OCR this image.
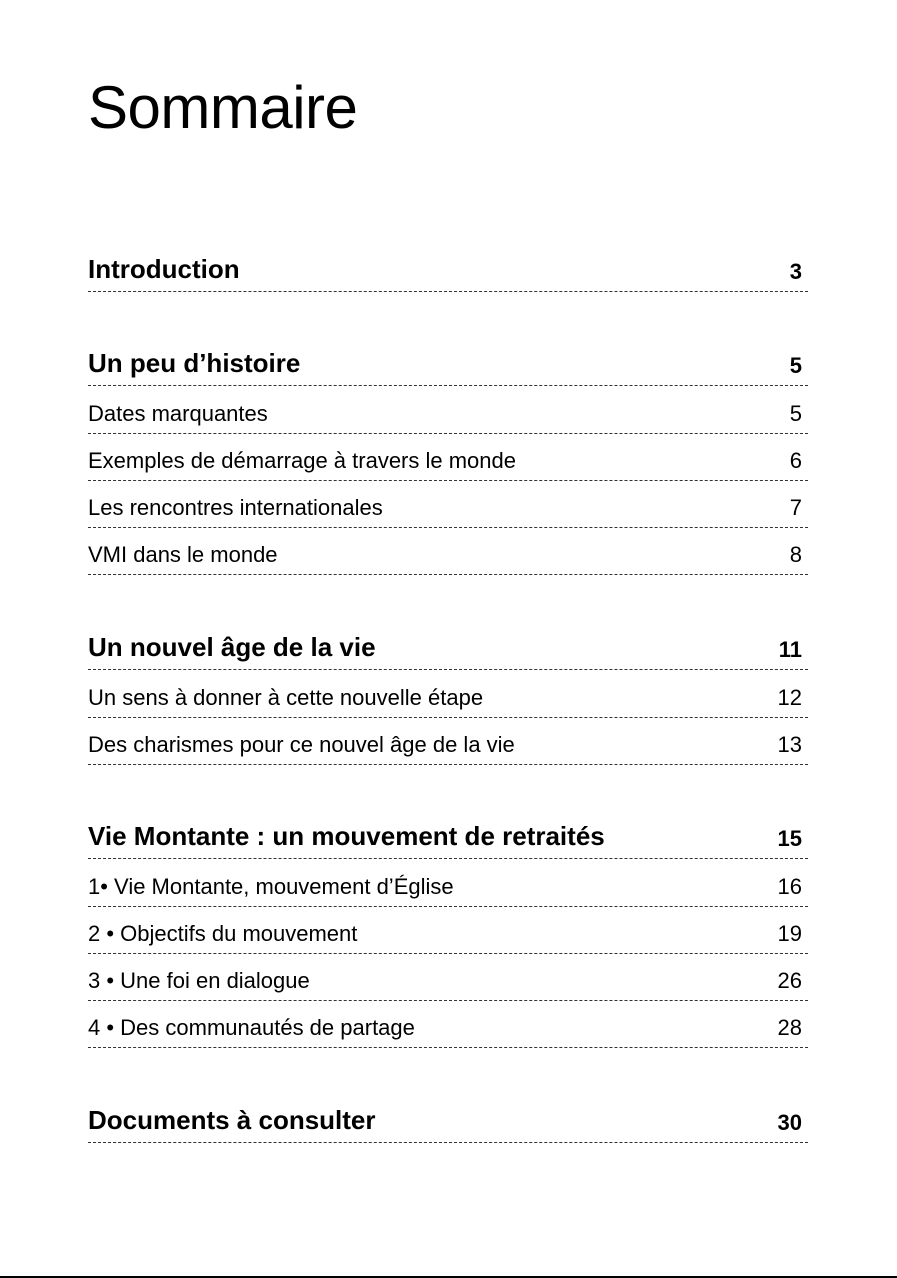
Sommaire
Introduction	3
Un peu d’histoire	5
Dates marquantes	5
Exemples de démarrage à travers le monde	6
Les rencontres internationales	7
VMI dans le monde	8
Un nouvel âge de la vie	11
Un sens à donner à cette nouvelle étape	12
Des charismes pour ce nouvel âge de la vie	13
Vie Montante : un mouvement de retraités	15
1• Vie Montante, mouvement d’Église	16
2 • Objectifs du mouvement	19
3 • Une foi en dialogue	26
4 • Des communautés de partage	28
Documents à consulter	30
